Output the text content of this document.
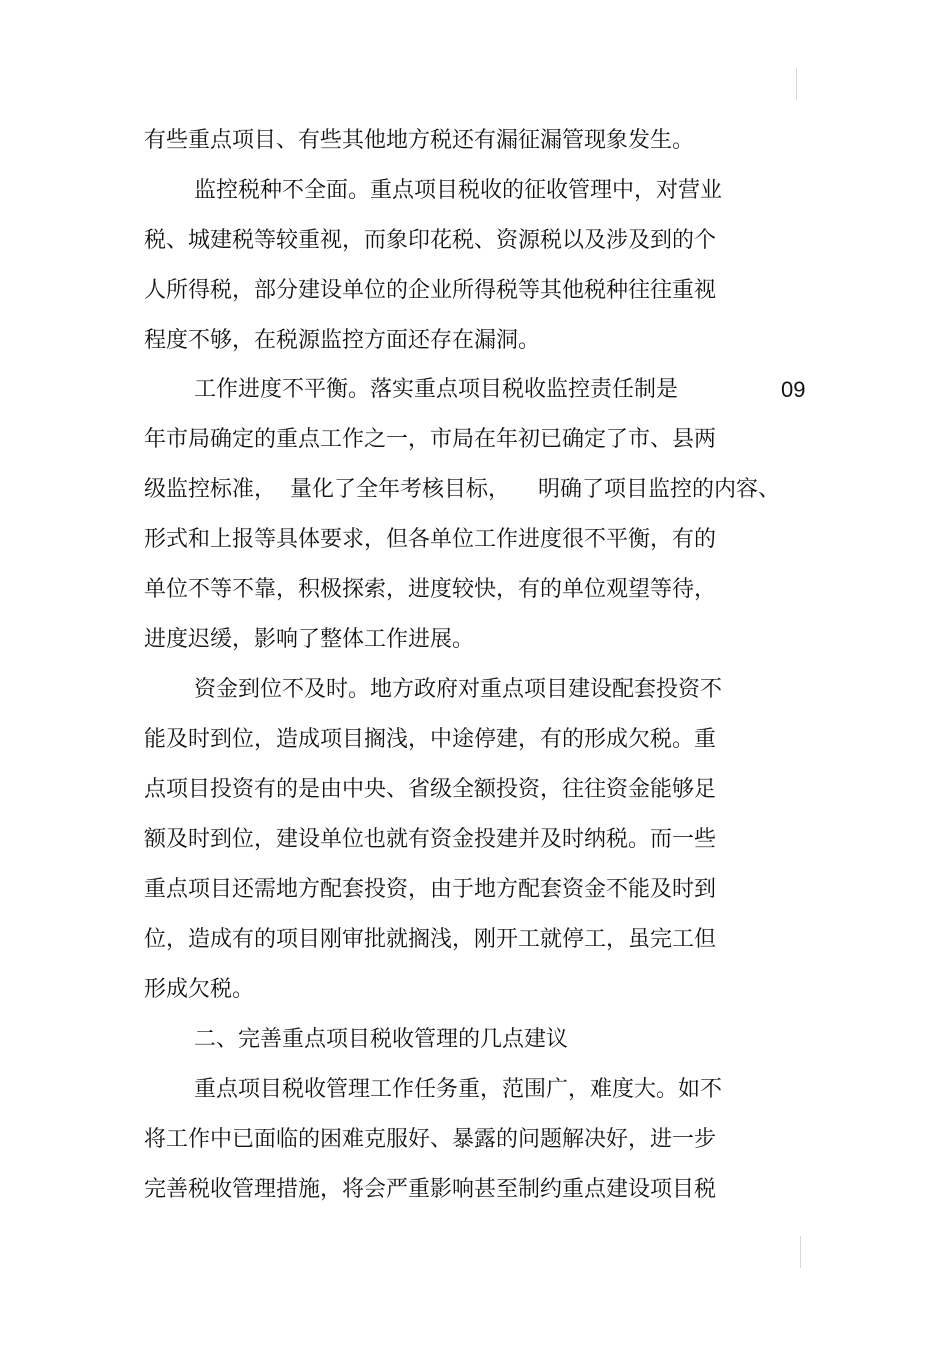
有些重点项目、有些其他地方税还有漏征漏管现象发生。
监控税种不全面。重点项目税收的征收管理中，对营业
税、城建税等较重视，而象印花税、资源税以及涉及到的个
人所得税，部分建设单位的企业所得税等其他税种往往重视
程度不够，在税源监控方面还存在漏洞。
工作进度不平衡。落实重点项目税收监控责任制是	09
年市局确定的重点工作之一，市局在年初已确定了市、县两
级监控标准，  量化了全年考核目标，    明确了项目监控的内容、
形式和上报等具体要求，但各单位工作进度很不平衡，有的
单位不等不靠，积极探索，进度较快，有的单位观望等待，
进度迟缓，影响了整体工作进展。
资金到位不及时。地方政府对重点项目建设配套投资不
能及时到位，造成项目搁浅，中途停建，有的形成欠税。重
点项目投资有的是由中央、省级全额投资，往往资金能够足
额及时到位，建设单位也就有资金投建并及时纳税。而一些
重点项目还需地方配套投资，由于地方配套资金不能及时到
位，造成有的项目刚审批就搁浅，刚开工就停工，虽完工但
形成欠税。
二、完善重点项目税收管理的几点建议
重点项目税收管理工作任务重，范围广，难度大。如不
将工作中已面临的困难克服好、暴露的问题解决好，进一步
完善税收管理措施，将会严重影响甚至制约重点建设项目税
